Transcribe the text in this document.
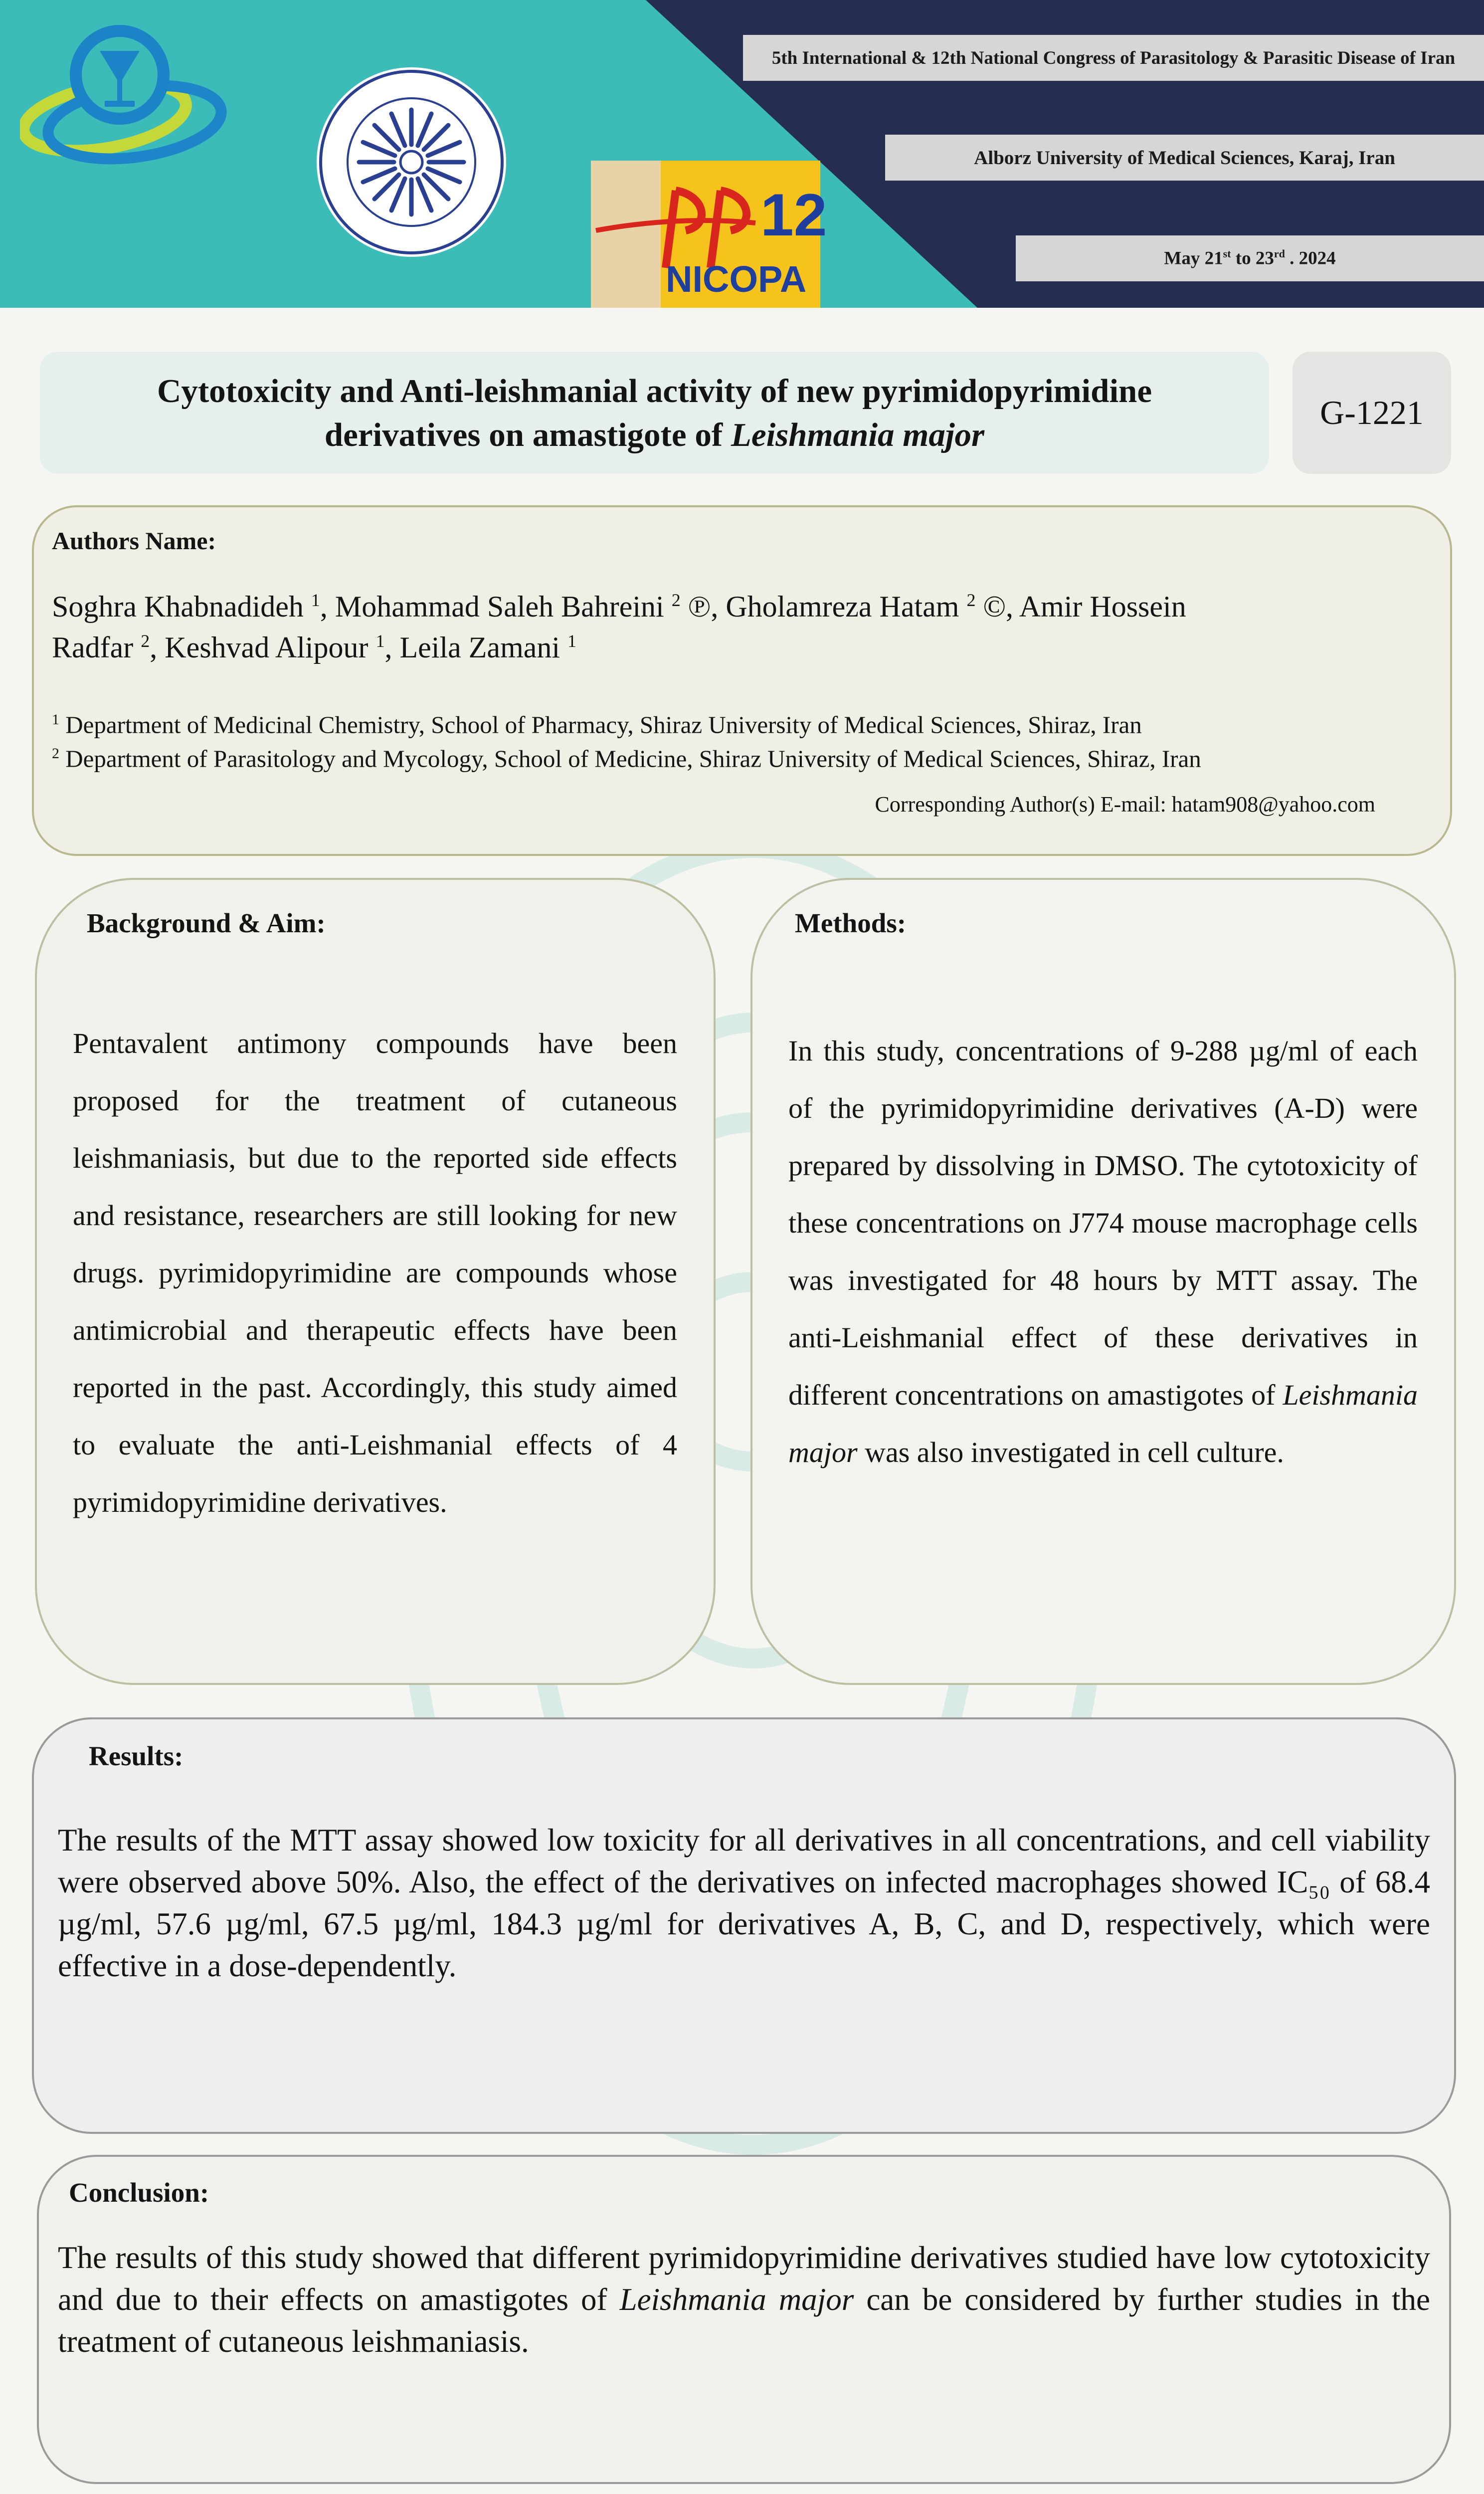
5th International & 12th National Congress of Parasitology & Parasitic Disease of Iran
Alborz University of Medical Sciences, Karaj, Iran
May 21st to 23rd . 2024
12
NICOPA
Cytotoxicity and Anti-leishmanial activity of new pyrimidopyrimidine
derivatives on amastigote of Leishmania major
G-1221
Authors Name:
Soghra Khabnadideh $^1$, Mohammad Saleh Bahreini $^2$ ℗, Gholamreza Hatam $^2$ ©, Amir Hossein
Radfar $^2$, Keshvad Alipour $^1$, Leila Zamani $^1$
$^1$ Department of Medicinal Chemistry, School of Pharmacy, Shiraz University of Medical Sciences, Shiraz, Iran
$^2$ Department of Parasitology and Mycology, School of Medicine, Shiraz University of Medical Sciences, Shiraz, Iran
Corresponding Author(s) E-mail: hatam908@yahoo.com
Background & Aim:
Pentavalent antimony compounds have been proposed for the treatment of cutaneous leishmaniasis, but due to the reported side effects and resistance, researchers are still looking for new drugs. pyrimidopyrimidine are compounds whose antimicrobial and therapeutic effects have been reported in the past. Accordingly, this study aimed to evaluate the anti-Leishmanial effects of 4 pyrimidopyrimidine derivatives.
Methods:
In this study, concentrations of 9-288 µg/ml of each of the pyrimidopyrimidine derivatives (A-D) were prepared by dissolving in DMSO. The cytotoxicity of these concentrations on J774 mouse macrophage cells was investigated for 48 hours by MTT assay. The anti-Leishmanial effect of these derivatives in different concentrations on amastigotes of Leishmania major was also investigated in cell culture.
Results:
The results of the MTT assay showed low toxicity for all derivatives in all concentrations, and cell viability were observed above 50%. Also, the effect of the derivatives on infected macrophages showed IC₅₀ of 68.4 µg/ml, 57.6 µg/ml, 67.5 µg/ml, 184.3 µg/ml for derivatives A, B, C, and D, respectively, which were effective in a dose-dependently.
Conclusion:
The results of this study showed that different pyrimidopyrimidine derivatives studied have low cytotoxicity and due to their effects on amastigotes of Leishmania major can be considered by further studies in the treatment of cutaneous leishmaniasis.
